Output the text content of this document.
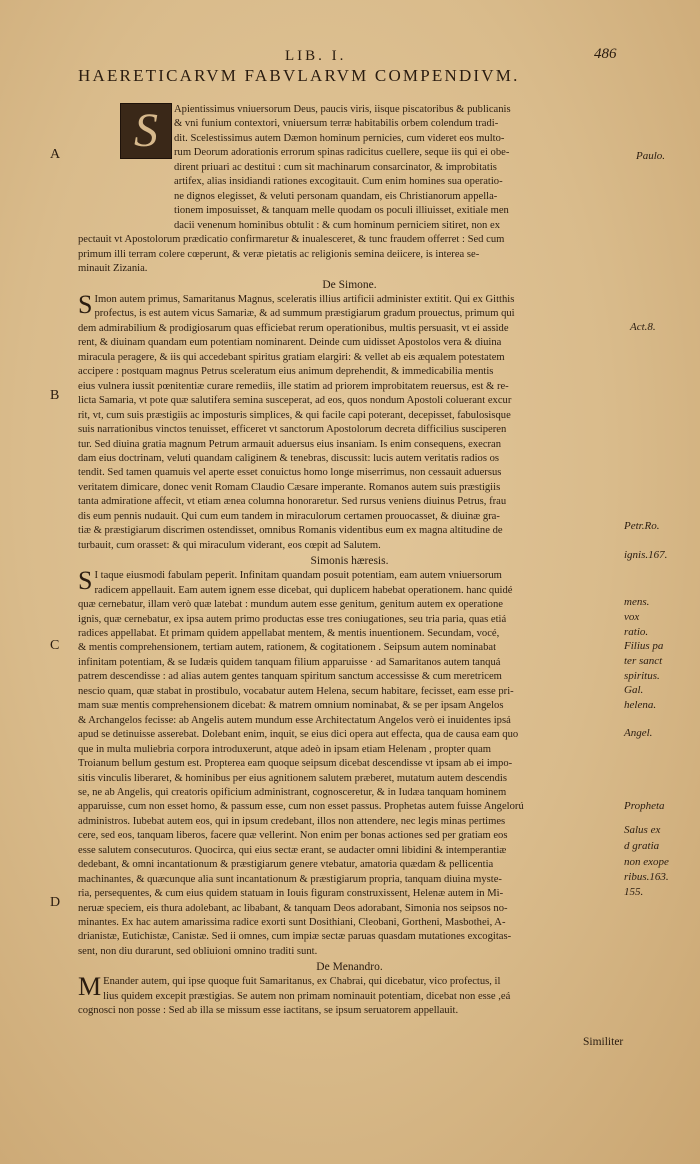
LIB. I.	486
HAERETICARVM FABVLARVM COMPENDIVM.
S	Apientissimus vniuersorum Deus, paucis viris, iisque piscatoribus & publicanis
& vni funium contextori, vniuersum terræ habitabilis orbem colendum tradi-
dit. Scelestissimus autem Dæmon hominum pernicies, cum videret eos multo-
rum Deorum adorationis errorum spinas radicitus cuellere, seque iis qui ei obe-
dirent priuari ac destitui : cum sit machinarum consarcinator, & improbitatis
artifex, alias insidiandi rationes excogitauit. Cum enim homines sua operatio-
ne dignos elegisset, & veluti personam quandam, eis Christianorum appella-
tionem imposuisset, & tanquam melle quodam os poculi illiuisset, exitiale men
dacii venenum hominibus obtulit : & cum hominum perniciem sitiret, non ex
pectauit vt Apostolorum prædicatio confirmaretur & inualesceret, & tunc fraudem offerret : Sed cum
primum illi terram colere cœperunt, & veræ pietatis ac religionis semina deiicere, is interea se-
minauit Zizania.
De Simone.
S Imon autem primus, Samaritanus Magnus, sceleratis illius artificii administer extitit. Qui ex Gitthis
profectus, is est autem vicus Samariæ, & ad summum præstigiarum gradum prouectus, primum qui
dem admirabilium & prodigiosarum quas efficiebat rerum operationibus, multis persuasit, vt ei asside
rent, & diuinam quandam eum potentiam nominarent. Deinde cum uidisset Apostolos vera & diuina
miracula peragere, & iis qui accedebant spiritus gratiam elargiri: & vellet ab eis æqualem potestatem
accipere : postquam magnus Petrus sceleratum eius animum deprehendit, & immedicabilia mentis
eius vulnera iussit pœnitentiæ curare remediis, ille statim ad priorem improbitatem reuersus, est & re-
licta Samaria, vt pote quæ salutifera semina susceperat, ad eos, quos nondum Apostoli coluerant excur
rit, vt, cum suis præstigiis ac imposturis simplices, & qui facile capi poterant, decepisset, fabulosisque
suis narrationibus vinctos tenuisset, efficeret vt sanctorum Apostolorum decreta difficilius susciperen
tur. Sed diuina gratia magnum Petrum armauit aduersus eius insaniam. Is enim consequens, execran
dam eius doctrinam, veluti quandam caliginem & tenebras, discussit: lucis autem veritatis radios os
tendit. Sed tamen quamuis vel aperte esset conuictus homo longe miserrimus, non cessauit aduersus
veritatem dimicare, donec venit Romam Claudio Cæsare imperante. Romanos autem suis præstigiis
tanta admiratione affecit, vt etiam ænea columna honoraretur. Sed rursus veniens diuinus Petrus, frau
dis eum pennis nudauit. Qui cum eum tandem in miraculorum certamen prouocasset, & diuinæ gra-
tiæ & præstigiarum discrimen ostendisset, omnibus Romanis videntibus eum ex magna altitudine de
turbauit, cum orasset: & qui miraculum viderant, eos cœpit ad Salutem.
Simonis hæresis.
S I taque eiusmodi fabulam peperit. Infinitam quandam posuit potentiam, eam autem vniuersorum
radicem appellauit. Eam autem ignem esse dicebat, qui duplicem habebat operationem. hanc quidé
quæ cernebatur, illam verò quæ latebat : mundum autem esse genitum, genitum autem ex operatione
ignis, quæ cernebatur, ex ipsa autem primo productas esse tres coniugationes, seu tria paria, quas etiá
radices appellabat. Et primam quidem appellabat mentem, & mentis inuentionem. Secundam, vocé,
& mentis comprehensionem, tertiam autem, rationem, & cogitationem . Seipsum autem nominabat
infinitam potentiam, & se Iudæis quidem tanquam filium apparuisse · ad Samaritanos autem tanquá
patrem descendisse : ad alias autem gentes tanquam spiritum sanctum accessisse & cum meretricem
nescio quam, quæ stabat in prostibulo, vocabatur autem Helena, secum habitare, fecisset, eam esse pri-
mam suæ mentis comprehensionem dicebat: & matrem omnium nominabat, & se per ipsam Angelos
& Archangelos fecisse: ab Angelis autem mundum esse Architectatum Angelos verò ei inuidentes ipsá
apud se detinuisse asserebat. Dolebant enim, inquit, se eius dici opera aut effecta, qua de causa eam quo
que in multa muliebria corpora introduxerunt, atque adeò in ipsam etiam Helenam , propter quam
Troianum bellum gestum est. Propterea eam quoque seipsum dicebat descendisse vt ipsam ab ei impo-
sitis vinculis liberaret, & hominibus per eius agnitionem salutem præberet, mutatum autem descendis
se, ne ab Angelis, qui creatoris opificium administrant, cognosceretur, & in Iudæa tanquam hominem
apparuisse, cum non esset homo, & passum esse, cum non esset passus. Prophetas autem fuisse Angelorú
administros. Iubebat autem eos, qui in ipsum credebant, illos non attendere, nec legis minas pertimes
cere, sed eos, tanquam liberos, facere quæ vellerint. Non enim per bonas actiones sed per gratiam eos
esse salutem consecuturos. Quocirca, qui eius sectæ erant, se audacter omni libidini & intemperantiæ
dedebant, & omni incantationum & præstigiarum genere vtebatur, amatoria quædam & pellicentia
machinantes, & quæcunque alia sunt incantationum & præstigiarum propria, tanquam diuina myste-
ria, persequentes, & cum eius quidem statuam in Iouis figuram construxissent, Helenæ autem in Mi-
neruæ speciem, eis thura adolebant, ac libabant, & tanquam Deos adorabant, Simonia nos seipsos no-
minantes. Ex hac autem amarissima radice exorti sunt Dosithiani, Cleobani, Gortheni, Masbothei, A-
drianistæ, Eutichistæ, Canistæ. Sed ii omnes, cum impiæ sectæ paruas quasdam mutationes excogitas-
sent, non diu durarunt, sed obliuioni omnino traditi sunt.
De Menandro.
M Enander autem, qui ipse quoque fuit Samaritanus, ex Chabrai, qui dicebatur, vico profectus, il
lius quidem excepit præstigias. Se autem non primam nominauit potentiam, dicebat non esse ,eá
cognosci non posse : Sed ab illa se missum esse iactitans, se ipsum seruatorem appellauit.
Similiter
A
B
C
D
Paulo.
Act.8.
Petr.Ro.
ignis.167.
mens.
vox
ratio.
Filius pa
ter sanct
spiritus.
Gal.
helena.
Angel.
Propheta
Salus ex
d gratia
non exope
ribus.163.
155.
